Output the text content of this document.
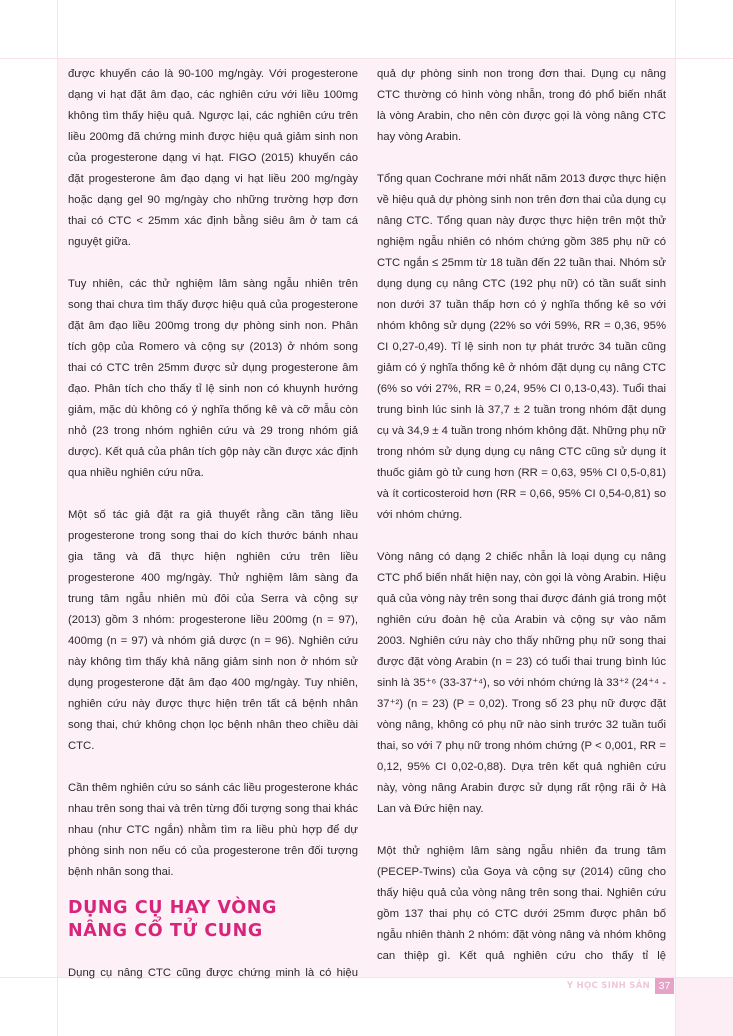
được khuyến cáo là 90-100 mg/ngày. Với progesterone dạng vi hạt đặt âm đạo, các nghiên cứu với liều 100mg không tìm thấy hiệu quả. Ngược lại, các nghiên cứu trên liều 200mg đã chứng minh được hiệu quả giảm sinh non của progesterone dạng vi hạt. FIGO (2015) khuyến cáo đặt progesterone âm đạo dạng vi hạt liều 200 mg/ngày hoặc dạng gel 90 mg/ngày cho những trường hợp đơn thai có CTC < 25mm xác định bằng siêu âm ở tam cá nguyệt giữa.

Tuy nhiên, các thử nghiệm lâm sàng ngẫu nhiên trên song thai chưa tìm thấy được hiệu quả của progesterone đặt âm đạo liều 200mg trong dự phòng sinh non. Phân tích gộp của Romero và cộng sự (2013) ở nhóm song thai có CTC trên 25mm được sử dụng progesterone âm đạo. Phân tích cho thấy tỉ lệ sinh non có khuynh hướng giảm, mặc dù không có ý nghĩa thống kê và cỡ mẫu còn nhỏ (23 trong nhóm nghiên cứu và 29 trong nhóm giả dược). Kết quả của phân tích gộp này cần được xác định qua nhiều nghiên cứu nữa.

Một số tác giả đặt ra giả thuyết rằng cần tăng liều progesterone trong song thai do kích thước bánh nhau gia tăng và đã thực hiện nghiên cứu trên liều progesterone 400 mg/ngày. Thử nghiệm lâm sàng đa trung tâm ngẫu nhiên mù đôi của Serra và cộng sự (2013) gồm 3 nhóm: progesterone liều 200mg (n = 97), 400mg (n = 97) và nhóm giả dược (n = 96). Nghiên cứu này không tìm thấy khả năng giảm sinh non ở nhóm sử dụng progesterone đặt âm đạo 400 mg/ngày. Tuy nhiên, nghiên cứu này được thực hiện trên tất cả bệnh nhân song thai, chứ không chọn lọc bệnh nhân theo chiều dài CTC.

Cần thêm nghiên cứu so sánh các liều progesterone khác nhau trên song thai và trên từng đối tượng song thai khác nhau (như CTC ngắn) nhằm tìm ra liều phù hợp để dự phòng sinh non nếu có của progesterone trên đối tượng bệnh nhân song thai.

DỤNG CỤ HAY VÒNG
NÂNG CỔ TỬ CUNG

Dụng cụ nâng CTC cũng được chứng minh là có hiệu

quả dự phòng sinh non trong đơn thai. Dụng cụ nâng CTC thường có hình vòng nhẫn, trong đó phổ biến nhất là vòng Arabin, cho nên còn được gọi là vòng nâng CTC hay vòng Arabin.

Tổng quan Cochrane mới nhất năm 2013 được thực hiện về hiệu quả dự phòng sinh non trên đơn thai của dụng cụ nâng CTC. Tổng quan này được thực hiện trên một thử nghiệm ngẫu nhiên có nhóm chứng gồm 385 phụ nữ có CTC ngắn ≤ 25mm từ 18 tuần đến 22 tuần thai. Nhóm sử dụng dụng cụ nâng CTC (192 phụ nữ) có tần suất sinh non dưới 37 tuần thấp hơn có ý nghĩa thống kê so với nhóm không sử dụng (22% so với 59%, RR = 0,36, 95% CI 0,27-0,49). Tỉ lệ sinh non tự phát trước 34 tuần cũng giảm có ý nghĩa thống kê ở nhóm đặt dụng cụ nâng CTC (6% so với 27%, RR = 0,24, 95% CI 0,13-0,43). Tuổi thai trung bình lúc sinh là 37,7 ± 2 tuần trong nhóm đặt dụng cụ và 34,9 ± 4 tuần trong nhóm không đặt. Những phụ nữ trong nhóm sử dụng dụng cụ nâng CTC cũng sử dụng ít thuốc giảm gò tử cung hơn (RR = 0,63, 95% CI 0,5-0,81) và ít corticosteroid hơn (RR = 0,66, 95% CI 0,54-0,81) so với nhóm chứng.

Vòng nâng có dạng 2 chiếc nhẫn là loại dụng cụ nâng CTC phổ biến nhất hiện nay, còn gọi là vòng Arabin. Hiệu quả của vòng này trên song thai được đánh giá trong một nghiên cứu đoàn hệ của Arabin và cộng sự vào năm 2003. Nghiên cứu này cho thấy những phụ nữ song thai được đặt vòng Arabin (n = 23) có tuổi thai trung bình lúc sinh là 35⁺⁶ (33-37⁺⁴), so với nhóm chứng là 33⁺² (24⁺⁴ - 37⁺²) (n = 23) (P = 0,02). Trong số 23 phụ nữ được đặt vòng nâng, không có phụ nữ nào sinh trước 32 tuần tuổi thai, so với 7 phụ nữ trong nhóm chứng (P < 0,001, RR = 0,12, 95% CI 0,02-0,88). Dựa trên kết quả nghiên cứu này, vòng nâng Arabin được sử dụng rất rộng rãi ở Hà Lan và Đức hiện nay.

Một thử nghiệm lâm sàng ngẫu nhiên đa trung tâm (PECEP-Twins) của Goya và cộng sự (2014) cũng cho thấy hiệu quả của vòng nâng trên song thai. Nghiên cứu gồm 137 thai phụ có CTC dưới 25mm được phân bố ngẫu nhiên thành 2 nhóm: đặt vòng nâng và nhóm không can thiệp gì. Kết quả nghiên cứu cho thấy tỉ lệ

Y HỌC SINH SẢN 37
